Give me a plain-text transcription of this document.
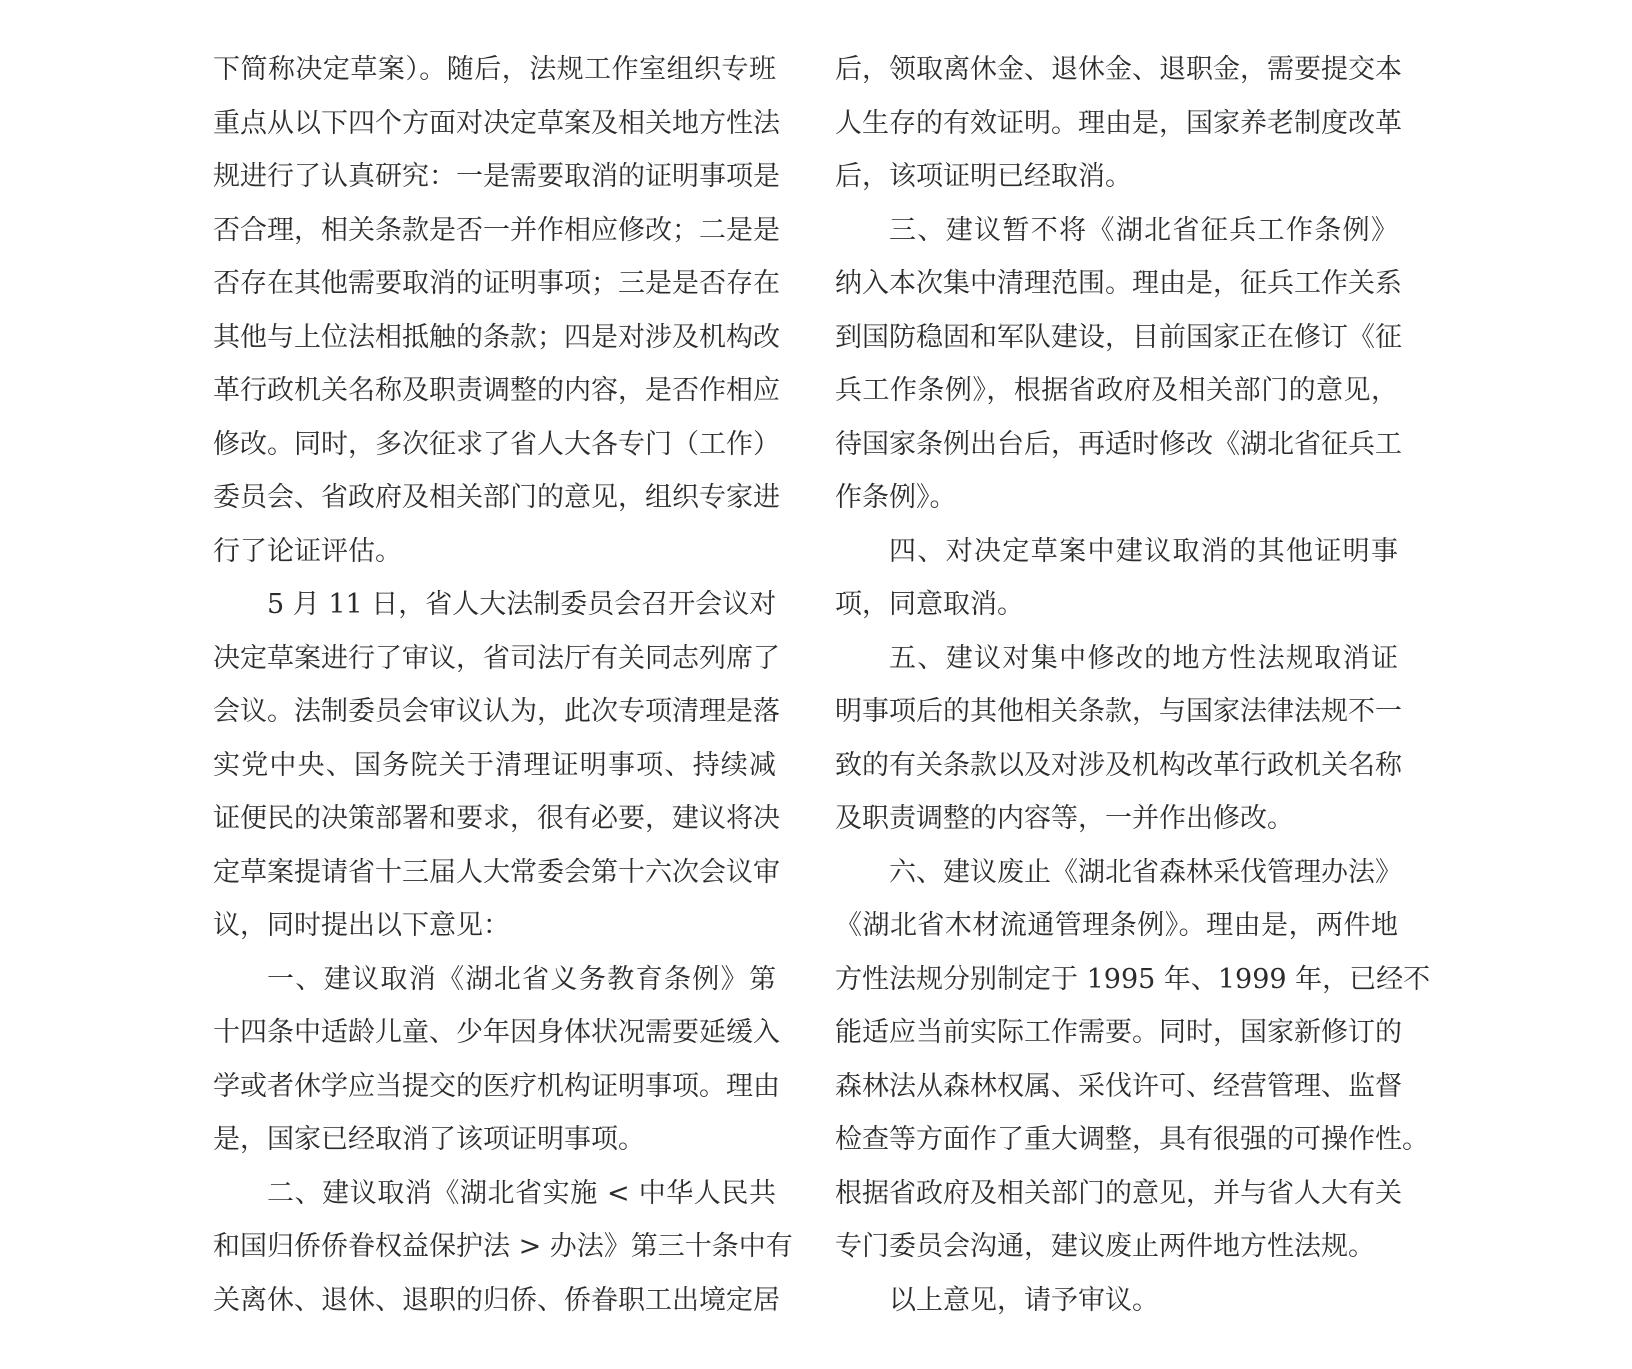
下简称决定草案）。随后，法规工作室组织专班
重点从以下四个方面对决定草案及相关地方性法
规进行了认真研究：一是需要取消的证明事项是
否合理，相关条款是否一并作相应修改；二是是
否存在其他需要取消的证明事项；三是是否存在
其他与上位法相抵触的条款；四是对涉及机构改
革行政机关名称及职责调整的内容，是否作相应
修改。同时，多次征求了省人大各专门（工作）
委员会、省政府及相关部门的意见，组织专家进
行了论证评估。
5 月 11 日，省人大法制委员会召开会议对
决定草案进行了审议，省司法厅有关同志列席了
会议。法制委员会审议认为，此次专项清理是落
实党中央、国务院关于清理证明事项、持续减
证便民的决策部署和要求，很有必要，建议将决
定草案提请省十三届人大常委会第十六次会议审
议，同时提出以下意见：
一、建议取消《湖北省义务教育条例》第
十四条中适龄儿童、少年因身体状况需要延缓入
学或者休学应当提交的医疗机构证明事项。理由
是，国家已经取消了该项证明事项。
二、建议取消《湖北省实施 < 中华人民共
和国归侨侨眷权益保护法 > 办法》第三十条中有
关离休、退休、退职的归侨、侨眷职工出境定居
后，领取离休金、退休金、退职金，需要提交本
人生存的有效证明。理由是，国家养老制度改革
后，该项证明已经取消。
三、建议暂不将《湖北省征兵工作条例》
纳入本次集中清理范围。理由是，征兵工作关系
到国防稳固和军队建设，目前国家正在修订《征
兵工作条例》，根据省政府及相关部门的意见，
待国家条例出台后，再适时修改《湖北省征兵工
作条例》。
四、对决定草案中建议取消的其他证明事
项，同意取消。
五、建议对集中修改的地方性法规取消证
明事项后的其他相关条款，与国家法律法规不一
致的有关条款以及对涉及机构改革行政机关名称
及职责调整的内容等，一并作出修改。
六、建议废止《湖北省森林采伐管理办法》
《湖北省木材流通管理条例》。理由是，两件地
方性法规分别制定于 1995 年、1999 年，已经不
能适应当前实际工作需要。同时，国家新修订的
森林法从森林权属、采伐许可、经营管理、监督
检查等方面作了重大调整，具有很强的可操作性。
根据省政府及相关部门的意见，并与省人大有关
专门委员会沟通，建议废止两件地方性法规。
以上意见，请予审议。
